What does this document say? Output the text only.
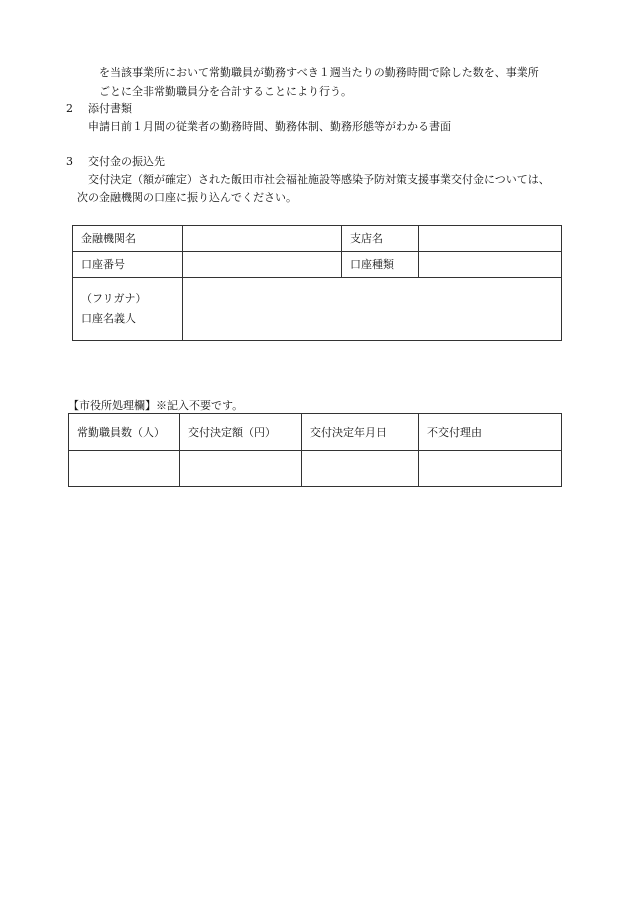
を当該事業所において常勤職員が勤務すべき１週当たりの勤務時間で除した数を、事業所
ごとに全非常勤職員分を合計することにより行う。
2 添付書類
申請日前１月間の従業者の勤務時間、勤務体制、勤務形態等がわかる書面
3 交付金の振込先
交付決定（額が確定）された飯田市社会福祉施設等感染予防対策支援事業交付金については、
次の金融機関の口座に振り込んでください。
金融機関名		支店名	
口座番号		口座種類	

（フリガナ）
口座名義人			

【市役所処理欄】※記入不要です。
常勤職員数（人）	交付決定額（円）	交付決定年月日	不交付理由
